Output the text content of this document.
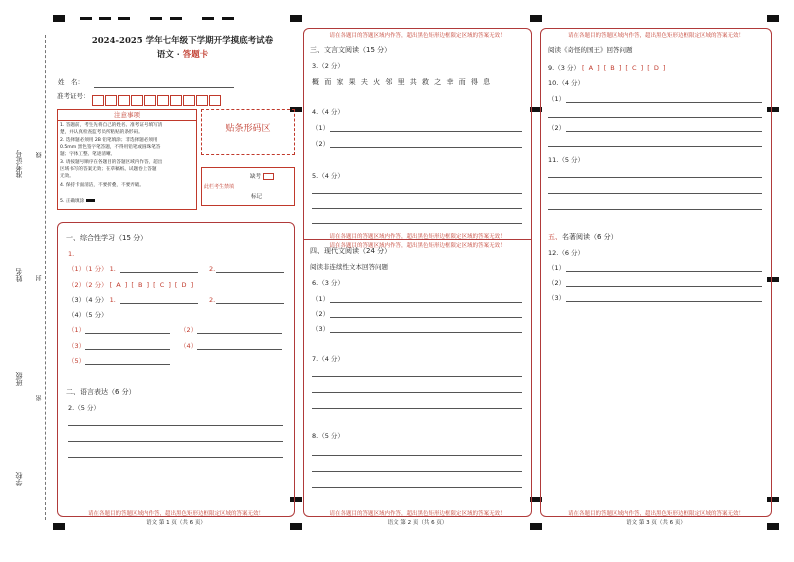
准考证号
姓名
班级
学校
线
封
密
2024-2025 学年七年级下学期开学摸底考试卷
语文 · 答题卡
姓　名：
准考证号：
注意事项
1. 答题前，考生先将自己的姓名、准考证号填写清
楚，并认真检查监考员所粘贴的条形码。
2. 选择题必须用 2B 铅笔填涂；非选择题必须用
0.5mm 黑色签字笔答题，不得用铅笔或圆珠笔答
题；字体工整、笔迹清晰。
3. 请按题号顺序在各题目的答题区域内作答，超出
区域书写的答案无效；在草稿纸、试题卷上答题
无效。
4. 保持卡面清洁，不要折叠，不要弄破。
5. 正确填涂
贴条形码区
此栏考生禁填
缺考
标记
一、综合性学习（15 分）
1.
（1）（1 分） 1.	2.
（2）（2 分） [ A ] [ B ] [ C ] [ D ]
（3）（4 分） 1.	2.
（4）（5 分）
（1）	（2）
（3）	（4）
（5）
二、语言表达（6 分）
2.（5 分）
请在各题目的答题区域内作答，超出黑色矩形边框限定区域的答案无效！
语文 第 1 页（共 6 页）
请在各题目的答题区域内作答，超出黑色矩形边框限定区域的答案无效！
三、文言文阅读（15 分）
3.（2 分）
概 而 家 果 夫 火 邻 里 共 救 之 幸 而 得 息
4.（4 分）
（1）
（2）
5.（4 分）
请在各题目的答题区域内作答，超出黑色矩形边框限定区域的答案无效！
请在各题目的答题区域内作答，超出黑色矩形边框限定区域的答案无效！
四、现代文阅读（24 分）
阅读非连续性文本回答问题
6.（3 分）
（1）
（2）
（3）
7.（4 分）
8.（5 分）
请在各题目的答题区域内作答，超出黑色矩形边框限定区域的答案无效！
语文 第 2 页（共 6 页）
请在各题目的答题区域内作答，超出黑色矩形边框限定区域的答案无效！
阅读《奇怪的国王》回答问题
9.（3 分） [ A ] [ B ] [ C ] [ D ]
10.（4 分）
（1）
（2）
11.（5 分）
五、名著阅读（6 分）
12.（6 分）
（1）
（2）
（3）
请在各题目的答题区域内作答，超出黑色矩形边框限定区域的答案无效！
语文 第 3 页（共 6 页）
